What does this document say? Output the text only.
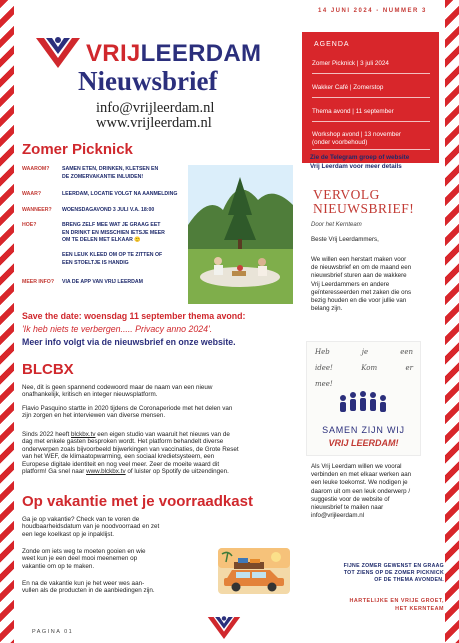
14 JUNI 2024 - NUMMER 3
VRIJLEERDAM
Nieuwsbrief
info@vrijleerdam.nl
www.vrijleerdam.nl
AGENDA
Zomer Picknick | 3 juli 2024
Wakker Café | Zomerstop
Thema avond | 11 september
Workshop avond | 13 november
(onder voorbehoud)
Zie de Telegram groep of website
Vrij Leerdam voor meer details
Zomer Picknick
WAAROM? SAMEN ETEN, DRINKEN, KLETSEN EN
DE ZOMERVAKANTIE INLUIDEN!
WAAR?	LEERDAM, LOCATIE VOLGT NA AANMELDING
WANNEER? WOENSDAGAVOND 3 JULI V.A. 18:00
HOE?	BRENG ZELF MEE WAT JE GRAAG EET
EN DRINKT EN MISSCHIEN IETSJE MEER
OM TE DELEN MET ELKAAR 🙂
EEN LEUK KLEED OM OP TE ZITTEN OF
EEN STOELTJE IS HANDIG
MEER INFO? VIA DE APP VAN VRIJ LEERDAM
Save the date: woensdag 11 september thema avond:
'Ik heb niets te verbergen..... Privacy anno 2024'.
Meer info volgt via de nieuwsbrief en onze website.
VERVOLG
NIEUWSBRIEF!
Door het Kernteam
Beste Vrij Leerdammers,
We willen een herstart maken voor
de nieuwsbrief en om de maand een
nieuwsbrief sturen aan de wakkere
Vrij Leerdammers en andere
geïnteresseerden met zaken die ons
bezig houden en die voor jullie van
belang zijn.
Heb	je	een
idee!	Kom	er
mee!
SAMEN ZIJN WIJ
VRIJ LEERDAM!
Als Vrij Leerdam willen we vooral
verbinden en met elkaar werken aan
een leuke toekomst. We nodigen je
daarom uit om een leuk onderwerp /
suggestie voor de website of
nieuwsbrief te mailen naar
info@vrijleerdam.nl
BLCBX
Nee, dit is geen spannend codewoord maar de naam van een nieuw
onafhankelijk, kritisch en integer nieuwsplatform.
Flavio Pasquino startte in 2020 tijdens de Coronaperiode met het delen van
zijn zorgen en het interviewen van diverse mensen.
Sinds 2022 heeft blckbx.tv een eigen studio van waaruit het nieuws van de
dag met enkele gasten besproken wordt. Het platform behandelt diverse
onderwerpen zoals bijvoorbeeld bijwerkingen van vaccinaties, de Grote Reset
van het WEF, de klimaatopwarming, een sociaal kredietsysteem, een
Europese digitale identiteit en nog veel meer. Zeer de moeite waard dit
platform! Ga snel naar www.blckbx.tv of luister op Spotify de uitzendingen.
Op vakantie met je voorraadkast
Ga je op vakantie? Check van te voren de
houdbaarheidsdatum van je noodvoorraad en zet
een lege koelkast op je inpaklijst.
Zonde om iets weg te moeten gooien en wie
weet kun je een deel mooi meenemen op
vakantie om op te maken.
En na de vakantie kun je het weer wes aan-
vullen als de producten in de aanbiedingen zijn.
FIJNE ZOMER GEWENST EN GRAAG
TOT ZIENS OP DE ZOMER PICKNICK
OF DE THEMA AVONDEN.
HARTELIJKE EN VRIJE GROET,
HET KERNTEAM
PAGINA 01
